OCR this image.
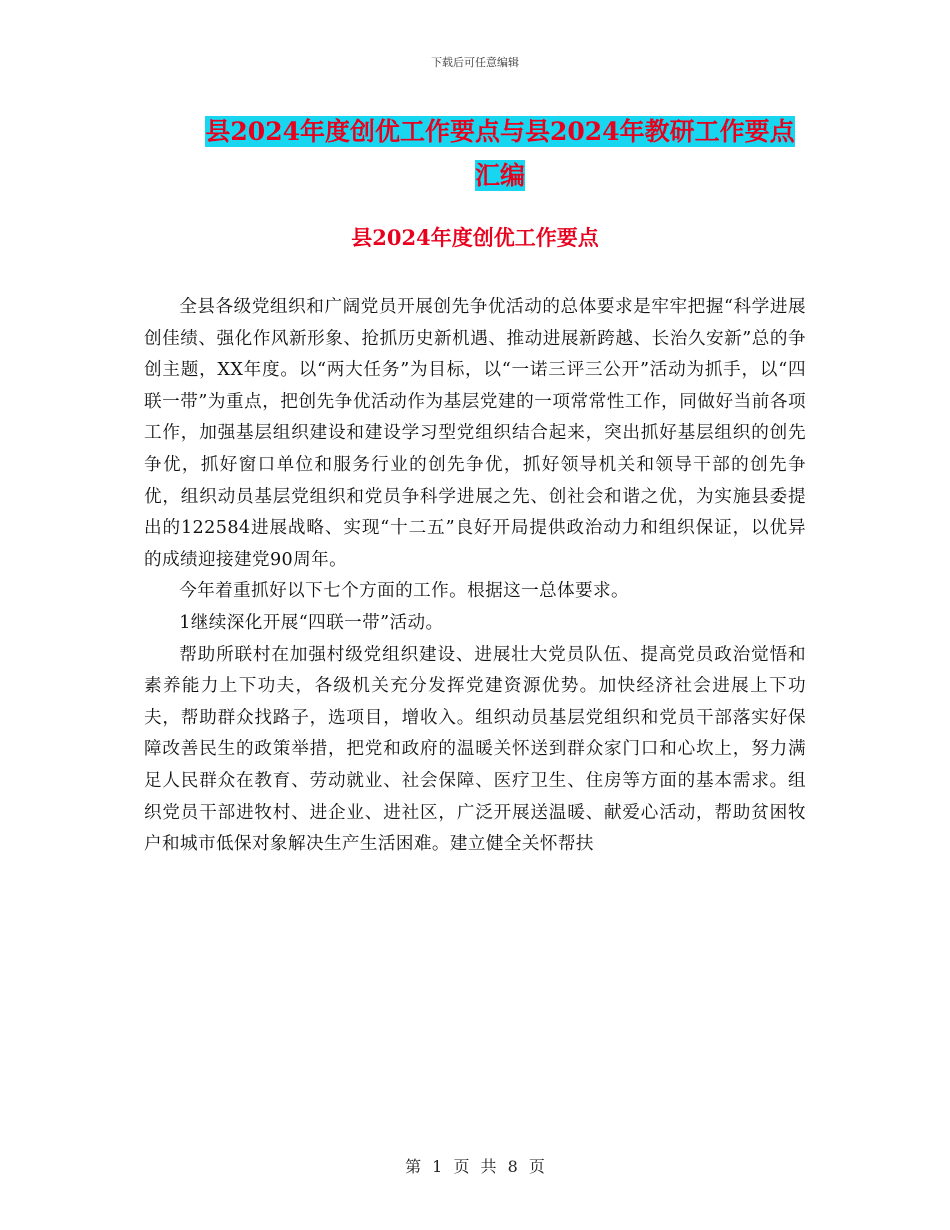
下载后可任意编辑
县2024年度创优工作要点与县2024年教研工作要点
汇编
县2024年度创优工作要点

全县各级党组织和广阔党员开展创先争优活动的总体要求是牢牢把握“科学进展创佳绩、强化作风新形象、抢抓历史新机遇、推动进展新跨越、长治久安新”总的争创主题，XX年度。以“两大任务”为目标，以“一诺三评三公开”活动为抓手，以“四联一带”为重点，把创先争优活动作为基层党建的一项常常性工作，同做好当前各项工作，加强基层组织建设和建设学习型党组织结合起来，突出抓好基层组织的创先争优，抓好窗口单位和服务行业的创先争优，抓好领导机关和领导干部的创先争优，组织动员基层党组织和党员争科学进展之先、创社会和谐之优，为实施县委提出的122584进展战略、实现“十二五”良好开局提供政治动力和组织保证，以优异的成绩迎接建党90周年。

今年着重抓好以下七个方面的工作。根据这一总体要求。

1继续深化开展“四联一带”活动。

帮助所联村在加强村级党组织建设、进展壮大党员队伍、提高党员政治觉悟和素养能力上下功夫，各级机关充分发挥党建资源优势。加快经济社会进展上下功夫，帮助群众找路子，选项目，增收入。组织动员基层党组织和党员干部落实好保障改善民生的政策举措，把党和政府的温暖关怀送到群众家门口和心坎上，努力满足人民群众在教育、劳动就业、社会保障、医疗卫生、住房等方面的基本需求。组织党员干部进牧村、进企业、进社区，广泛开展送温暖、献爱心活动，帮助贫困牧户和城市低保对象解决生产生活困难。建立健全关怀帮扶

第 1 页 共 8 页
